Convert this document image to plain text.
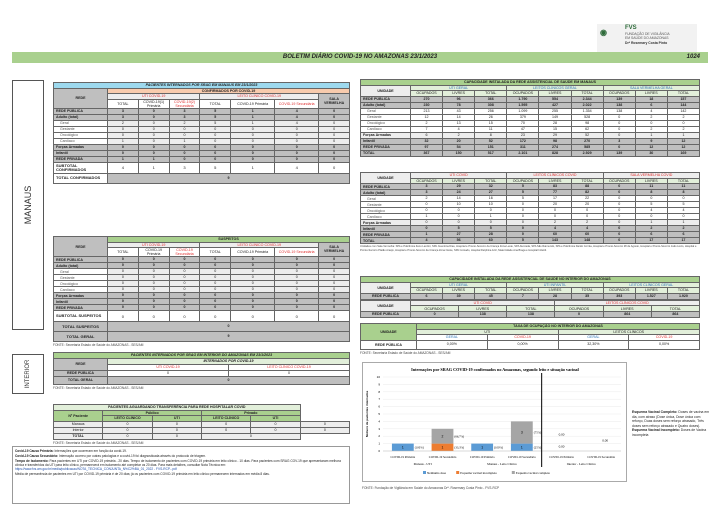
◉	FVS
FUNDAÇÃO DE VIGILÂNCIA
EM SAÚDE DO AMAZONAS
Drª Rosemary Costa Pinto
BOLETIM DIÁRIO COVID-19 NO AMAZONAS 23/1/2023	1024
MANAUS
INTERIOR
PACIENTES INTERNADOS POR SRAG EM MANAUS EM 23/1/2023							
REDE	CONFIRMADOS POR COVID-19						
	UTI COVID-19			LEITO CLÍNICO COVID-19			SALA VERMELHA
	TOTAL	COVID-19(1) Primária	COVID-19(2) Secundária	TOTAL	COVID-19 Primária	COVID-19 Secundária	
REDE PÚBLICA	3	0	3	5	1	4	0
Adulto (total)	3	0	3	5	1	4	0
Geral	2	0	2	5	1	4	0
Gestante	0	0	0	0	0	0	0
Oncológico	0	0	0	0	0	0	0
Cardíaco	1	0	1	0	0	0	0
Forças Armadas	0	0	0	0	0	0	0
Infantil	0	0	0	0	0	0	0
REDE PRIVADA	1	1	0	0	0	0	0
SUBTOTAL CONFIRMADOS	4	1	3	5	1	4	0
TOTAL CONFIRMADOS	9						
REDE	SUSPEITOS						
	UTI COVID-19			LEITO CLÍNICO COVID-19			SALA VERMELHA
	TOTAL	COVID-19 Primária	COVID-19 Secundária	TOTAL	COVID-19 Primária	COVID-19 Secundária	
REDE PÚBLICA	0	0	0	0	0	0	0
Adulto (total)	0	0	0	0	0	0	0
Geral	0	0	0	0	0	0	0
Gestante	0	0	0	0	0	0	0
Oncológico	0	0	0	0	0	0	0
Cardíaco	0	0	0	0	0	0	0
Forças Armadas	0	0	0	0	0	0	0
Infantil	0	0	0	0	0	0	0
REDE PRIVADA	0	0	0	0	0	0	0
SUBTOTAL SUSPEITOS	0	0	0	0	0	0	0
TOTAL SUSPEITOS	0						
TOTAL GERAL	9						
FONTE: Secretaria Estado de Saúde do AMAZONAS - SES/AM
PACIENTES INTERNADOS POR SRAG EM INTERIOR DO AMAZONAS EM 23/1/2023		
REDE	INTERNADOS POR COVID-19	
	UTI COVID-19	LEITO CLÍNICO COVID-19
REDE PÚBLICA	0	0
TOTAL GERAL	0	
FONTE: Secretaria Estado de Saúde do AMAZONAS - SES/AM
PACIENTES AGUARDANDO TRANSFERÊNCIA PARA REDE HOSPITALAR COVID					
Nº Paciente	Público		Privado		
	LEITO CLÍNICO	UTI	LEITO CLÍNICO	UTI	
Manaus	0	0	0	0	0
Interior	0	0	0	0	0
TOTAL	0	0	0		
FONTE: Secretaria Estado de Saúde do AMAZONAS - SES/AM
Covid-19 Causa Primária: Internações que ocorreram em função da covid-19.
Covid-19 Causa Secundária: Internação ocorreu por outras patologias e a covid-19 foi diagnosticada através do protocolo de triagem.
Tempo de Isolamento: Para pacientes em UTI por COVID-19 primária - 20 dias. Tempo de isolamento de pacientes com COVID-19 primária em leito clínico - 10 dias. Para pacientes com SRAG COV-19 que apresentaram melhora clínica e transferidos da UTI para leito clínico, permanecerá em isolamento até completar os 20 dias. Para mais detalhes, consultar Nota Técnica em:
https://www.fvs.am.gov.br/media/publicacao/NOTA_TECNICA_CONJUNTA_N%C2%BA_01_2022 - FVS-RCP...pdf
Média de permanência de pacientes em UTI por COVID-19 primária é de 20 dias; já os pacientes com COVID-19 primária em leito clínico permanecem internados em média 8 dias.
CAPACIDADE INSTALADA DA REDE ASSISTENCIAL DE SAÚDE EM MANAUS									
UNIDADE	UTI GERAL			LEITOS CLÍNICOS GERAL			SALA VERMELHA GERAL		
	OCUPADOS	LIVRES	TOTAL	OCUPADOS	LIVRES	TOTAL	OCUPADOS	LIVRES	TOTAL
REDE PÚBLICA	270	96	366	1.790	554	2.344	139	18	157
Adulto (total)	230	78	308	1.595	427	2.022	138	6	144
Geral	213	43	256	1.099	255	1.354	138	4	142
Gestante	12	14	26	379	149	528	0	2	2
Oncológico	2	13	15	70	28	98	0	0	0
Cardíaco	7	4	11	47	15	62	0	2	2
Forças Armadas	6	2	8	23	29	52	0	1	1
Infantil	32	20	52	172	98	270	3	9	12
REDE PRIVADA	97	54	151	311	274	585	0	12	12
TOTAL	367	150	517	2.101	828	2.929	139	30	169
UNIDADE	UTI COVID			LEITOS CLÍNICOS COVID			SALA VERMELHA COVID		
	OCUPADOS	LIVRES	TOTAL	OCUPADOS	LIVRES	TOTAL	OCUPADOS	LIVRES	TOTAL
REDE PÚBLICA	3	29	32	5	83	88	0	11	11
Adulto (total)	3	24	27	5	77	82	0	8	8
Geral	2	14	16	5	17	22	0	0	0
Gestante	0	10	10	0	20	20	0	5	5
Oncológico	0	0	0	0	0	0	0	4	4
Cardíaco	1	0	1	0	0	0	0	0	0
Forças Armadas	0	0	0	0	2	2	0	1	1
Infantil	0	5	5	0	4	4	0	2	2
REDE PRIVADA	1	27	28	0	60	60	0	6	6
TOTAL	4	56	60	5	143	148	0	17	17
Unidades com Sala Vermelha: SPA e Policlínica Zeno Lanzini, SPA Joventina Dias, Hospital e Pronto-Socorro da Criança Zona Leste, SPA Alvorada, SPA São Raimundo, SPA e Policlínica Danilo Corrêa, Hospital e Pronto-Socorro 28 de Agosto, Hospital e Pronto-Socorro João Lúcio, Hospital e Pronto-Socorro Platão Araújo, Hospital e Pronto-Socorro da Criança Zona Oeste, SPA Coroado, Hospital Delphina Aziz, Maternidade Ana Braga e Hospital Infantil.
CAPACIDADE INSTALADA DA REDE ASSISTENCIAL DE SAÚDE NO INTERIOR DO AMAZONAS									
UNIDADE	UTI GERAL			UTI INFANTIL			LEITOS CLÍNICOS GERAL		
	OCUPADOS	LIVRES	TOTAL	OCUPADOS	LIVRES	TOTAL	OCUPADOS	LIVRES	TOTAL
REDE PÚBLICA	6	39	45	7	28	35	393	1.527	1.920
UNIDADE	UTI COVID			LEITOS CLÍNICOS COVID		
	OCUPADOS	LIVRES	TOTAL	OCUPADOS	LIVRES	TOTAL
REDE PÚBLICA	0	138	138	0	864	864
UNIDADE	TAXA DE OCUPAÇÃO NO INTERIOR DO AMAZONAS			
	UTI		LEITOS CLÍNICOS	
	GERAL	COVID-19	GERAL	COVID-19
REDE PÚBLICA	0,00%	0,00%	32,30%	0,00%
FONTE: Secretaria Estado de Saúde do AMAZONAS - SES/AM
Internações por SRAG COVID-19 confirmados no Amazonas, segundo leito e situação vacinal
Número de pacientes internados
0
1
2
3
4
5
6
7
8
9
10
1	(100%)
COVID-19 Primária
1	(33,3%)
2	(66,7%)
COVID-19 Secundária
1	(100%)
COVID-19 Primária
1	(25%)
3	(75%)
COVID-19 Secundária	COVID-19 Primária	COVID-19 Secundária
0,00
0,00
0,00
Manaus - UTI	Manaus - Leito Clínico	Interior - Leito Clínico
Nenhuma dose	Esquema vacinal incompleto	Esquema vacinal completo
Esquema Vacinal Completo: Doses de vacina em dia, com atraso (Dose única, Dose única com reforço, Duas doses sem reforço atrasado, Três doses sem reforço atrasado e Quatro doses).
Esquema Vacinal Incompleto: Doses de Vacina incompleta
FONTE: Fundação de Vigilância em Saúde do Amazonas Drª. Rosemary Costa Pinto - FVS-RCP
